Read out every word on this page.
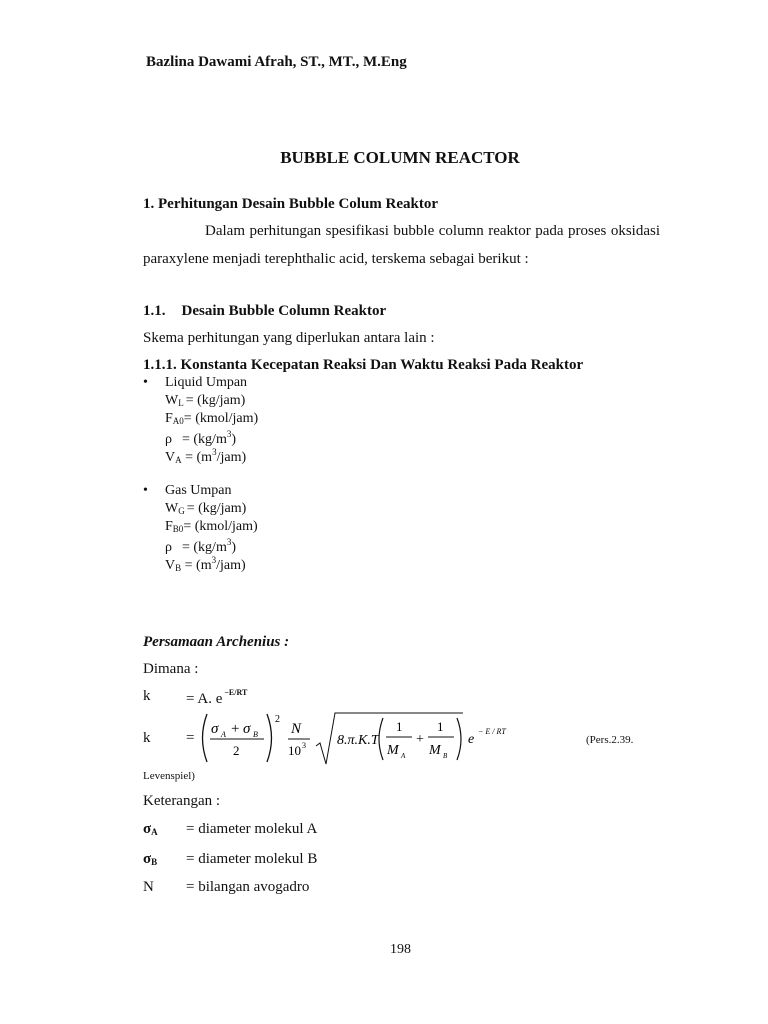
Bazlina Dawami Afrah, ST., MT., M.Eng
BUBBLE COLUMN REACTOR
1. Perhitungan Desain Bubble Colum Reaktor
Dalam perhitungan spesifikasi bubble column reaktor pada proses oksidasi
paraxylene menjadi terephthalic acid, terskema sebagai berikut :
1.1. Desain Bubble Column Reaktor
Skema perhitungan yang diperlukan antara lain :
1.1.1. Konstanta Kecepatan Reaksi Dan Waktu Reaksi Pada Reaktor
• Liquid Umpan
$W_L = (kg/jam)$
$F_{A0}=$ (kmol/jam)
$\rho = (kg/m^3)$
$V_A = (m^3/jam)$
• Gas Umpan
$W_G = (kg/jam)$
$F_{B0}=$ (kmol/jam)
$\rho = (kg/m^3)$
$V_B = (m^3/jam)$
Persamaan Archenius :
Dimana :
k = A. e $^{-E/RT}$
k =
σ A + σ B
2
2
N
10 3 8.π.K.T
1
M A
+
1
M B
e
− E / RT
(Pers.2.39.
Levenspiel)
Keterangan :
$\sigma_A$ = diameter molekul A
$\sigma_B$ = diameter molekul B
N = bilangan avogadro
198
